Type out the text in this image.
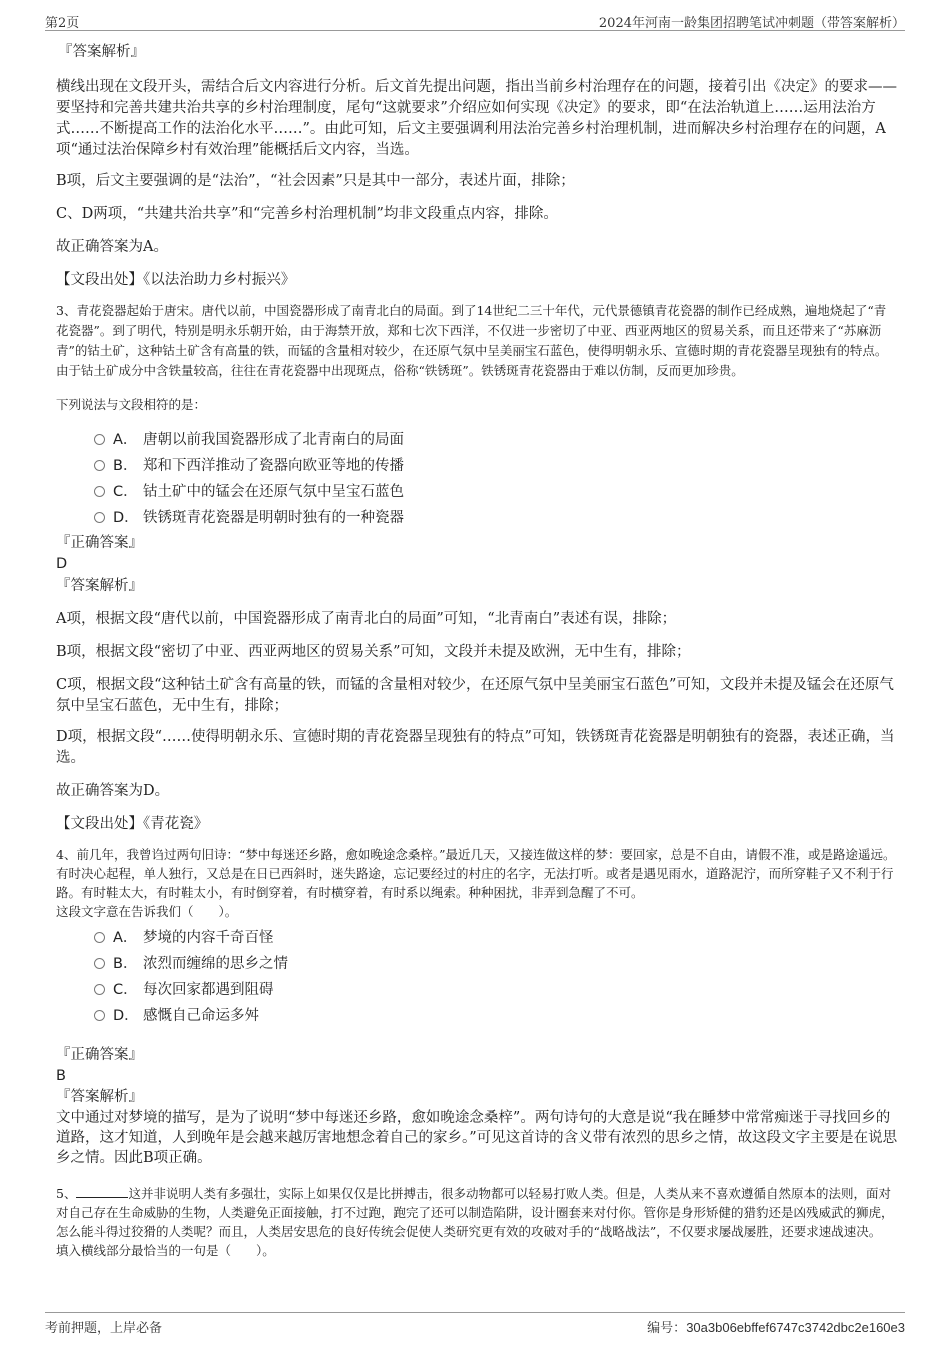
第2页	2024年河南一龄集团招聘笔试冲刺题（带答案解析）
『答案解析』

横线出现在文段开头，需结合后文内容进行分析。后文首先提出问题，指出当前乡村治理存在的问题，接着引出《决定》的要求——要坚持和完善共建共治共享的乡村治理制度，尾句“这就要求”介绍应如何实现《决定》的要求，即“在法治轨道上……运用法治方式……不断提高工作的法治化水平……”。由此可知，后文主要强调利用法治完善乡村治理机制，进而解决乡村治理存在的问题，A项“通过法治保障乡村有效治理”能概括后文内容，当选。

B项，后文主要强调的是“法治”，“社会因素”只是其中一部分，表述片面，排除；

C、D两项，“共建共治共享”和“完善乡村治理机制”均非文段重点内容，排除。

故正确答案为A。

【文段出处】《以法治助力乡村振兴》

3、青花瓷器起始于唐宋。唐代以前，中国瓷器形成了南青北白的局面。到了14世纪二三十年代，元代景德镇青花瓷器的制作已经成熟，遍地烧起了“青花瓷器”。到了明代，特别是明永乐朝开始，由于海禁开放，郑和七次下西洋，不仅进一步密切了中亚、西亚两地区的贸易关系，而且还带来了“苏麻沥青”的钴土矿，这种钴土矿含有高量的铁，而锰的含量相对较少，在还原气氛中呈美丽宝石蓝色，使得明朝永乐、宣德时期的青花瓷器呈现独有的特点。由于钴土矿成分中含铁量较高，往往在青花瓷器中出现斑点，俗称“铁锈斑”。铁锈斑青花瓷器由于难以仿制，反而更加珍贵。

下列说法与文段相符的是：

A． 唐朝以前我国瓷器形成了北青南白的局面
B． 郑和下西洋推动了瓷器向欧亚等地的传播
C． 钴土矿中的锰会在还原气氛中呈宝石蓝色
D． 铁锈斑青花瓷器是明朝时独有的一种瓷器
『正确答案』
D
『答案解析』

A项，根据文段“唐代以前，中国瓷器形成了南青北白的局面”可知，“北青南白”表述有误，排除；

B项，根据文段“密切了中亚、西亚两地区的贸易关系”可知，文段并未提及欧洲，无中生有，排除；

C项，根据文段“这种钴土矿含有高量的铁，而锰的含量相对较少，在还原气氛中呈美丽宝石蓝色”可知，文段并未提及锰会在还原气氛中呈宝石蓝色，无中生有，排除；

D项，根据文段“……使得明朝永乐、宣德时期的青花瓷器呈现独有的特点”可知，铁锈斑青花瓷器是明朝独有的瓷器，表述正确，当选。

故正确答案为D。

【文段出处】《青花瓷》

4、前几年，我曾诌过两句旧诗：“梦中每迷还乡路，愈如晚途念桑梓。”最近几天，又接连做这样的梦：要回家，总是不自由，请假不准，或是路途遥远。有时决心起程，单人独行，又总是在日已西斜时，迷失路途，忘记要经过的村庄的名字，无法打听。或者是遇见雨水，道路泥泞，而所穿鞋子又不利于行路。有时鞋太大，有时鞋太小，有时倒穿着，有时横穿着，有时系以绳索。种种困扰，非弄到急醒了不可。

这段文字意在告诉我们（　　）。

A． 梦境的内容千奇百怪
B． 浓烈而缠绵的思乡之情
C． 每次回家都遇到阻碍
D． 感慨自己命运多舛
『正确答案』
B
『答案解析』

文中通过对梦境的描写，是为了说明“梦中每迷还乡路，愈如晚途念桑梓”。两句诗句的大意是说“我在睡梦中常常痴迷于寻找回乡的道路，这才知道，人到晚年是会越来越厉害地想念着自己的家乡。”可见这首诗的含义带有浓烈的思乡之情，故这段文字主要是在说思乡之情。因此B项正确。

5、	这并非说明人类有多强壮，实际上如果仅仅是比拼搏击，很多动物都可以轻易打败人类。但是，人类从来不喜欢遵循自然原本的法则，面对对自己存在生命威胁的生物，人类避免正面接触，打不过跑，跑完了还可以制造陷阱，设计圈套来对付你。管你是身形矫健的猎豹还是凶残威武的狮虎，怎么能斗得过狡猾的人类呢？而且，人类居安思危的良好传统会促使人类研究更有效的攻破对手的“战略战法”，不仅要求屡战屡胜，还要求速战速决。

填入横线部分最恰当的一句是（　　）。

考前押题，上岸必备	编号：30a3b06ebffef6747c3742dbc2e160e3
